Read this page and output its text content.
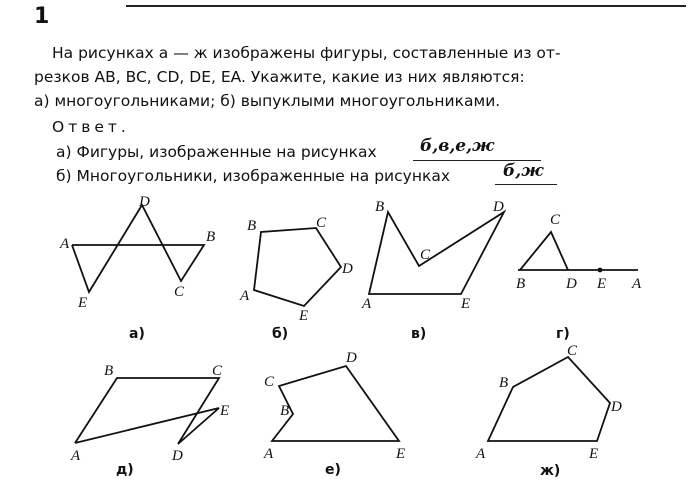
1
На рисунках а — ж изображены фигуры, составленные из от-
резков AB, BC, CD, DE, EA. Укажите, какие из них являются:
а) многоугольниками; б) выпуклыми многоугольниками.
Ответ.
а) Фигуры, изображенные на рисунках	б,в,е,ж
б) Многоугольники, изображенные на рисунках	б,ж
A	B
C
D
E
а)
A
B	C
D
E
б)
A
B
C
D
E
в)
A
B
C
D E
г)
A
B	C
D
E
д)
A
B
C
D
E
е)
A
B
C
D
E
ж)
